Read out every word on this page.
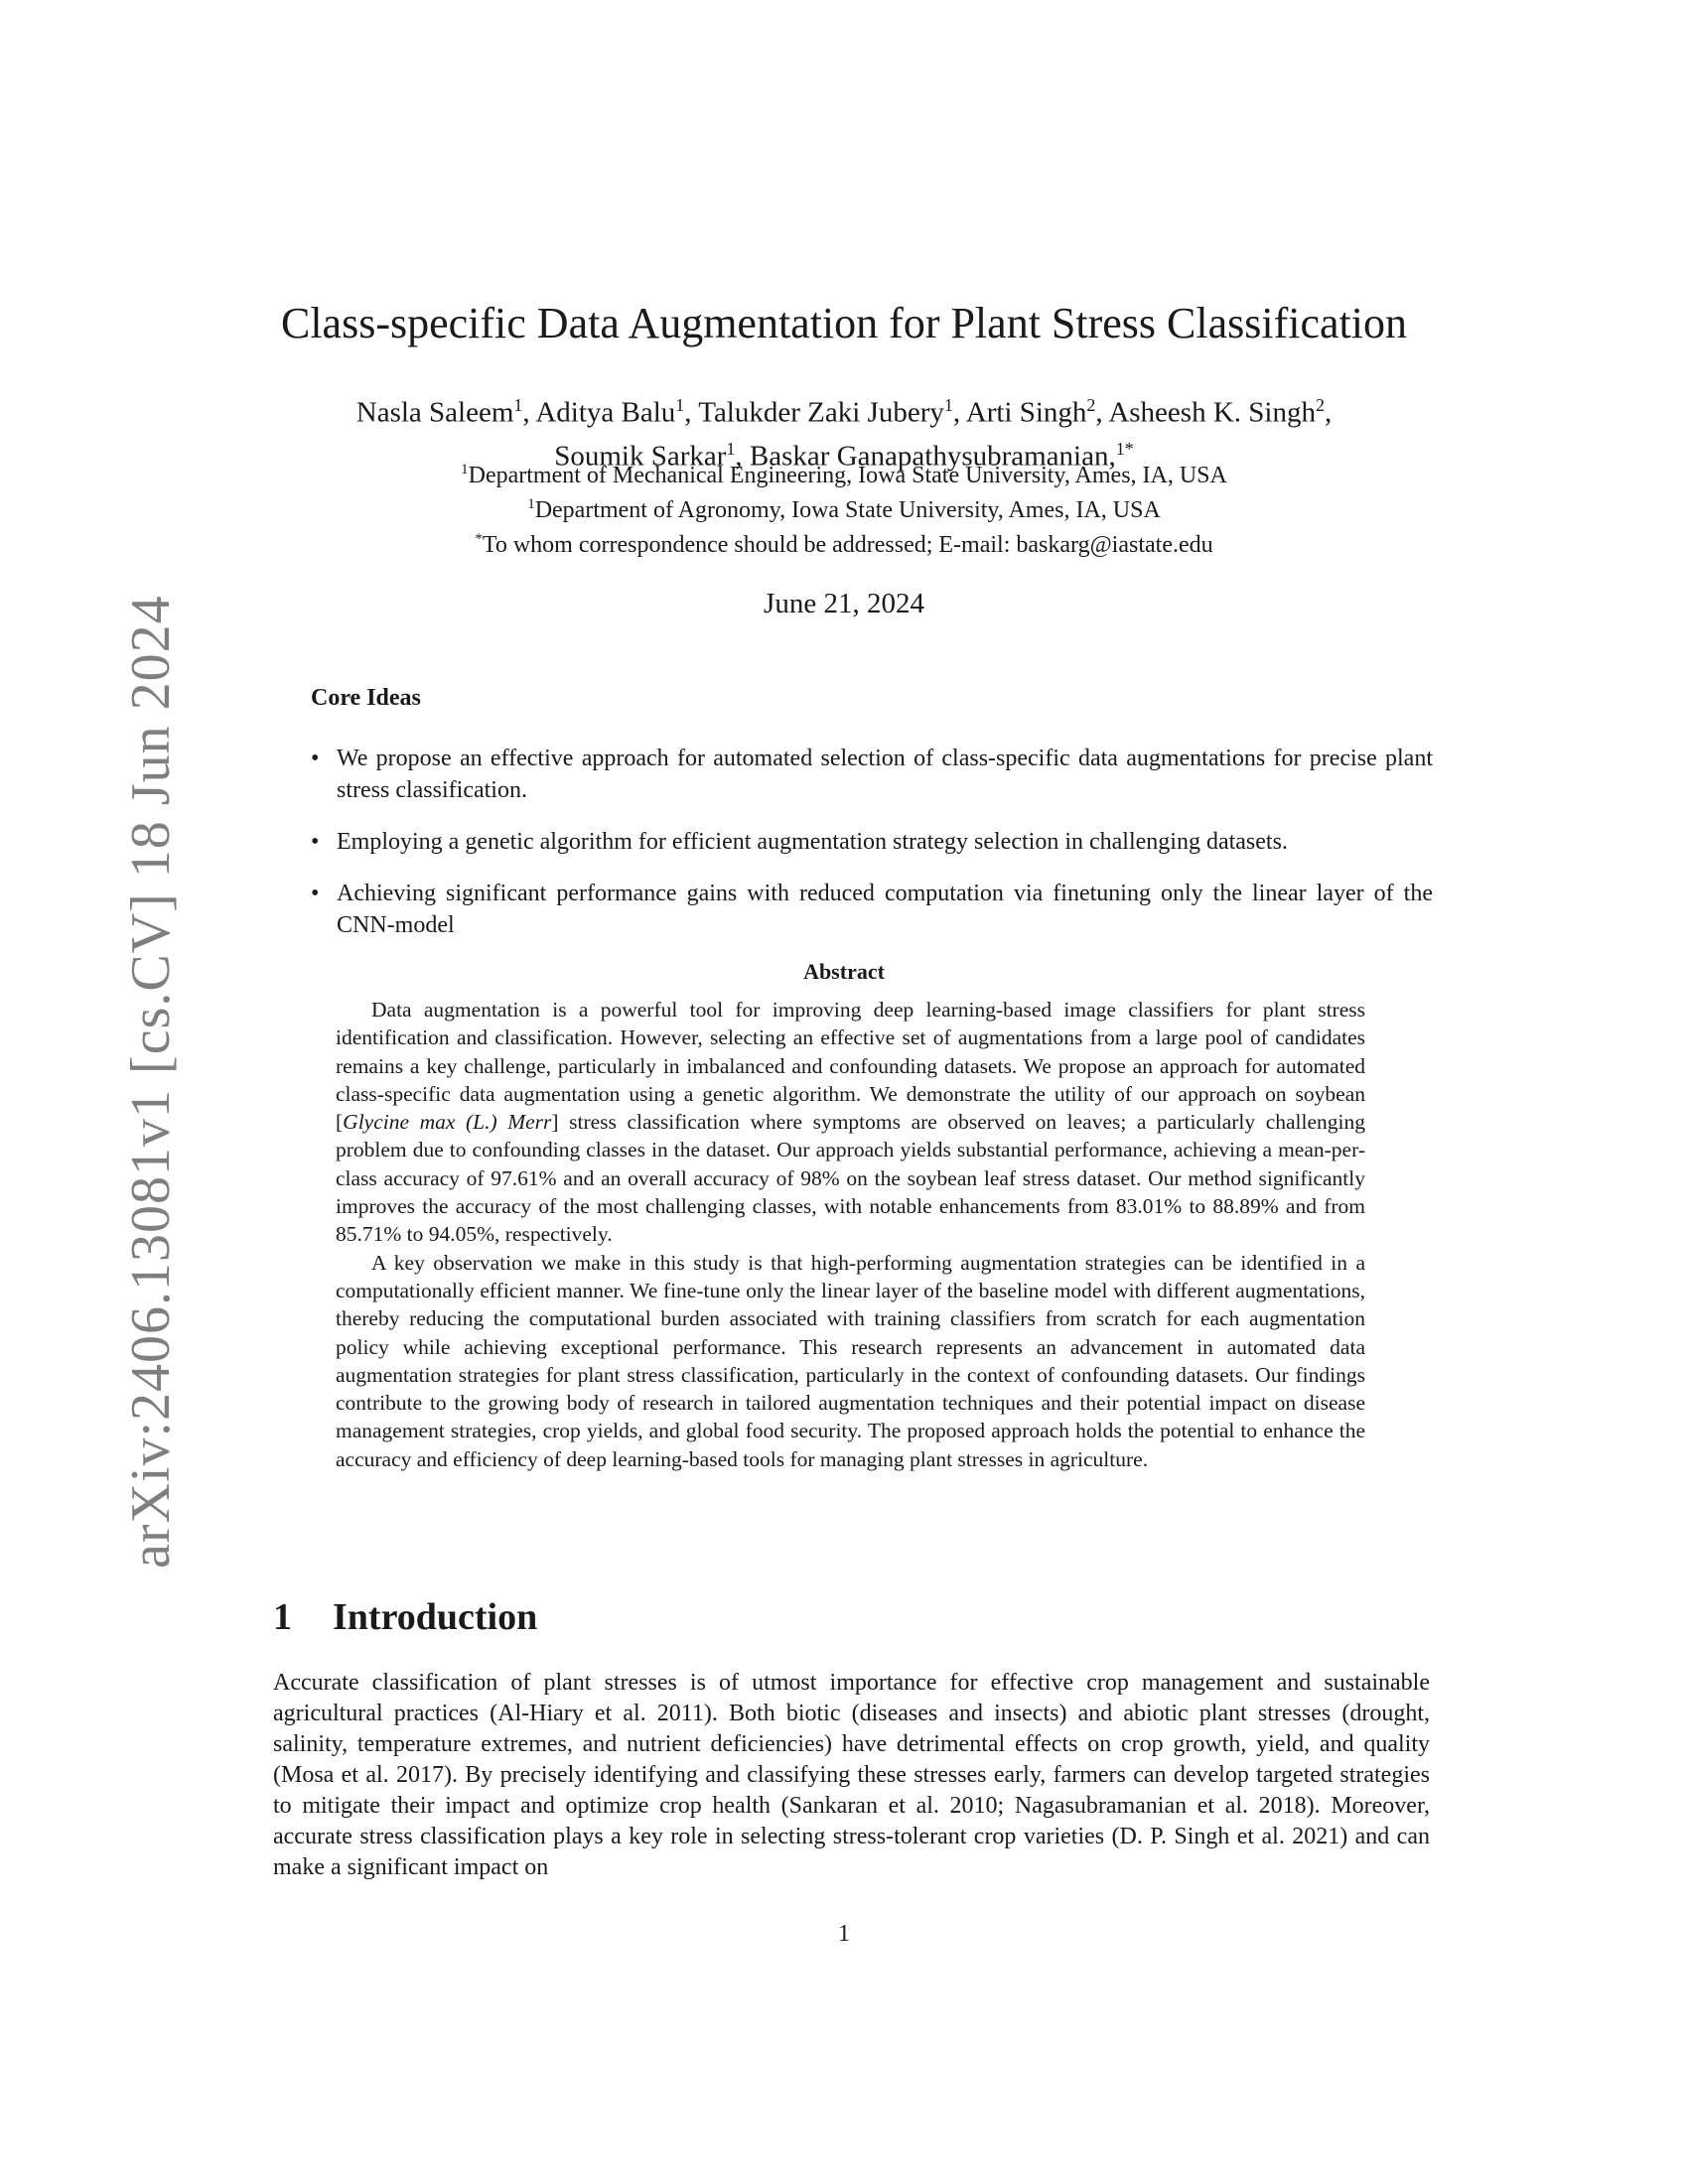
arXiv:2406.13081v1 [cs.CV] 18 Jun 2024
Class-specific Data Augmentation for Plant Stress Classification
Nasla Saleem$^1$, Aditya Balu$^1$, Talukder Zaki Jubery$^1$, Arti Singh$^2$, Asheesh K. Singh$^2$,
Soumik Sarkar$^1$, Baskar Ganapathysubramanian,$^{1*}$
$^1$Department of Mechanical Engineering, Iowa State University, Ames, IA, USA
$^1$Department of Agronomy, Iowa State University, Ames, IA, USA
*To whom correspondence should be addressed; E-mail: baskarg@iastate.edu
June 21, 2024
Core Ideas
• We propose an effective approach for automated selection of class-specific data augmentations for precise plant stress classification.
• Employing a genetic algorithm for efficient augmentation strategy selection in challenging datasets.
• Achieving significant performance gains with reduced computation via finetuning only the linear layer of the CNN-model
Abstract

Data augmentation is a powerful tool for improving deep learning-based image classifiers for plant stress identification and classification. However, selecting an effective set of augmentations from a large pool of candidates remains a key challenge, particularly in imbalanced and confounding datasets. We propose an approach for automated class-specific data augmentation using a genetic algorithm. We demonstrate the utility of our approach on soybean [Glycine max (L.) Merr] stress classification where symptoms are observed on leaves; a particularly challenging problem due to confounding classes in the dataset. Our approach yields substantial performance, achieving a mean-per-class accuracy of 97.61% and an overall accuracy of 98% on the soybean leaf stress dataset. Our method significantly improves the accuracy of the most challenging classes, with notable enhancements from 83.01% to 88.89% and from 85.71% to 94.05%, respectively.

A key observation we make in this study is that high-performing augmentation strategies can be identified in a computationally efficient manner. We fine-tune only the linear layer of the baseline model with different augmentations, thereby reducing the computational burden associated with training classifiers from scratch for each augmentation policy while achieving exceptional performance. This research represents an advancement in automated data augmentation strategies for plant stress classification, particularly in the context of confounding datasets. Our findings contribute to the growing body of research in tailored augmentation techniques and their potential impact on disease management strategies, crop yields, and global food security. The proposed approach holds the potential to enhance the accuracy and efficiency of deep learning-based tools for managing plant stresses in agriculture.

1 Introduction

Accurate classification of plant stresses is of utmost importance for effective crop management and sustainable agricultural practices (Al-Hiary et al. 2011). Both biotic (diseases and insects) and abiotic plant stresses (drought, salinity, temperature extremes, and nutrient deficiencies) have detrimental effects on crop growth, yield, and quality (Mosa et al. 2017). By precisely identifying and classifying these stresses early, farmers can develop targeted strategies to mitigate their impact and optimize crop health (Sankaran et al. 2010; Nagasubramanian et al. 2018). Moreover, accurate stress classification plays a key role in selecting stress-tolerant crop varieties (D. P. Singh et al. 2021) and can make a significant impact on

1
